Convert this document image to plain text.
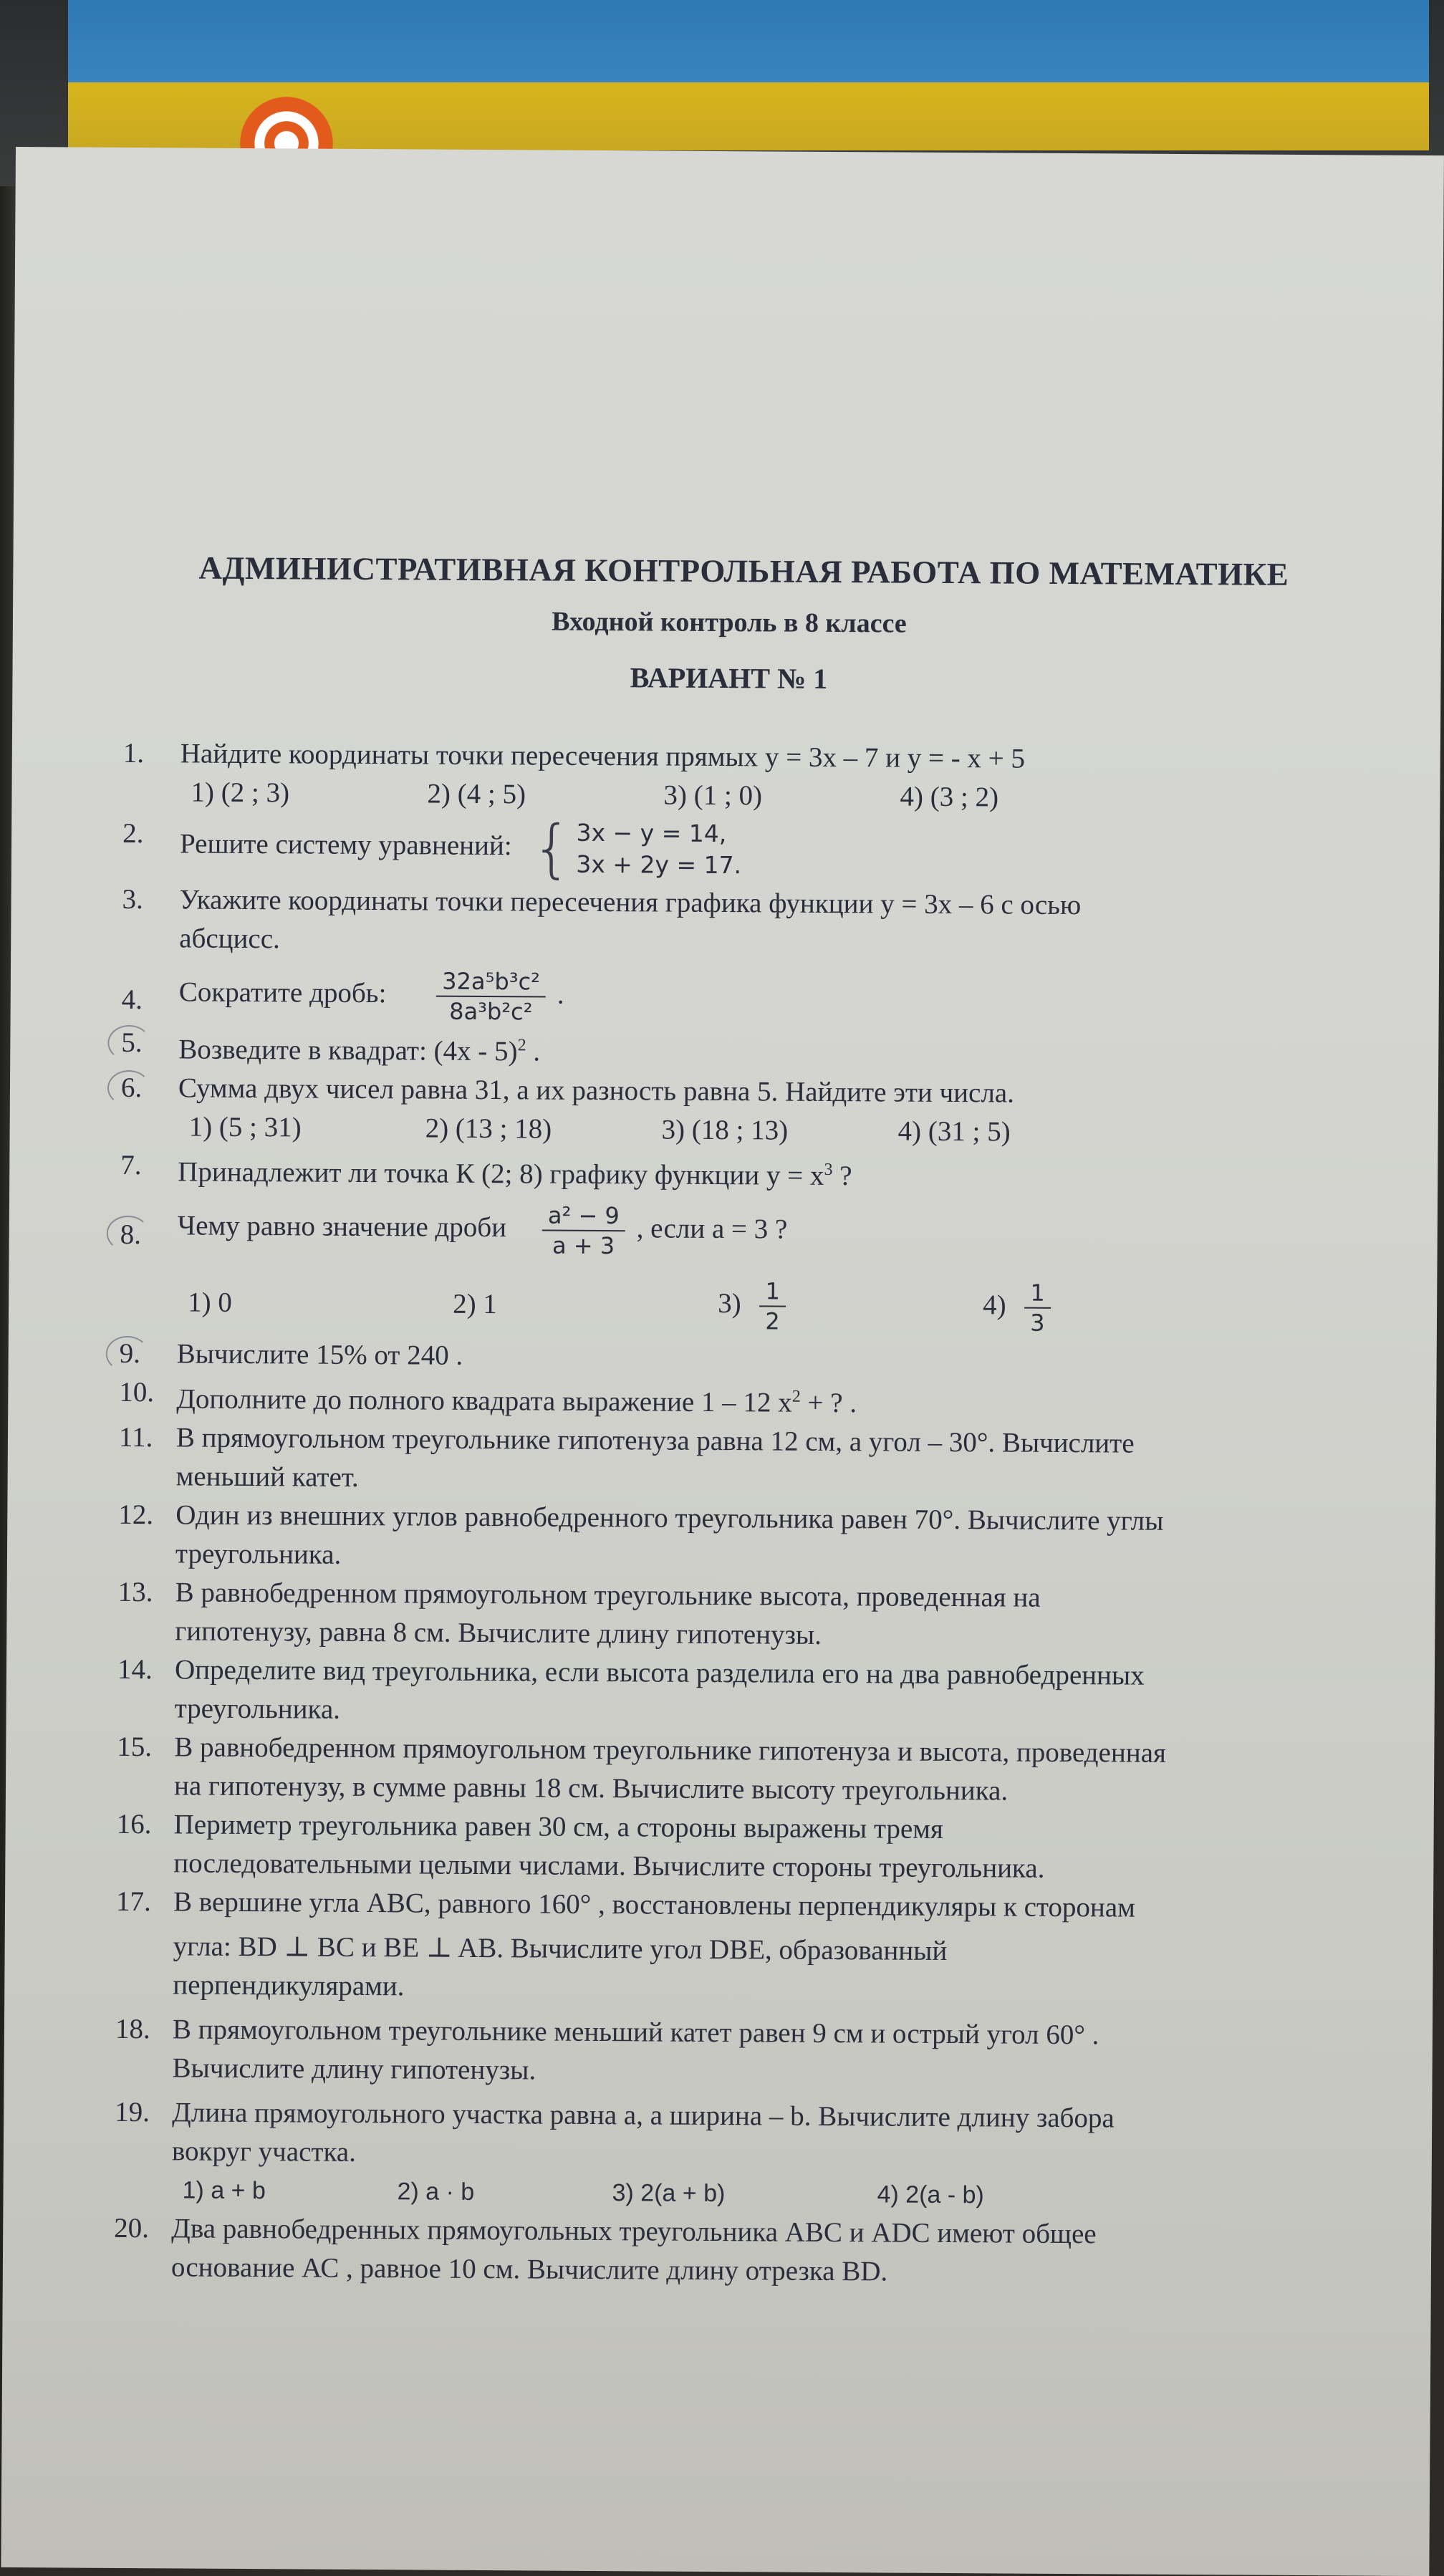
АДМИНИСТРАТИВНАЯ КОНТРОЛЬНАЯ РАБОТА ПО МАТЕМАТИКЕ
Входной контроль в 8 классе
ВАРИАНТ № 1
1. Найдите координаты точки пересечения прямых y = 3x – 7 и y = - x + 5
1) (2 ; 3)	2) (4 ; 5)	3) (1 ; 0)	4) (3 ; 2)
2. Решите систему уравнений: { 3x − y = 14,
3x + 2y = 17.
3. Укажите координаты точки пересечения графика функции y = 3x – 6 с осью
абсцисс.
4. Сократите дробь: $\frac{\text{32a⁵b³c²}}{\text{8a³b²c²}}$ .
5. Возведите в квадрат: (4x - 5)$^2$ .
6. Сумма двух чисел равна 31, а их разность равна 5. Найдите эти числа.
1) (5 ; 31)	2) (13 ; 18)	3) (18 ; 13)	4) (31 ; 5)
7. Принадлежит ли точка К (2; 8) графику функции $y = x^3$ ?
8. Чему равно значение дроби $\frac{\text{a² − 9}}{a + 3}$ , если a = 3 ?
1) 0	2) 1	$3) \frac{1}{2}$	$4) \frac{1}{3}$
9. Вычислите 15% от 240 .
10. Дополните до полного квадрата выражение 1 – 12 $x^2$ + ? .
11. В прямоугольном треугольнике гипотенуза равна 12 см, а угол – 30°. Вычислите
меньший катет.
12. Один из внешних углов равнобедренного треугольника равен 70°. Вычислите углы
треугольника.
13. В равнобедренном прямоугольном треугольнике высота, проведенная на
гипотенузу, равна 8 см. Вычислите длину гипотенузы.
14. Определите вид треугольника, если высота разделила его на два равнобедренных
треугольника.
15. В равнобедренном прямоугольном треугольнике гипотенуза и высота, проведенная
на гипотенузу, в сумме равны 18 см. Вычислите высоту треугольника.
16. Периметр треугольника равен 30 см, а стороны выражены тремя
последовательными целыми числами. Вычислите стороны треугольника.
17. В вершине угла АВС, равного 160° , восстановлены перпендикуляры к сторонам
угла: BD ⊥ BC и BE ⊥ AB. Вычислите угол DBE, образованный
перпендикулярами.
18. В прямоугольном треугольнике меньший катет равен 9 см и острый угол 60° .
Вычислите длину гипотенузы.
19. Длина прямоугольного участка равна a, а ширина – b. Вычислите длину забора
вокруг участка.
1) a + b	2) a · b	3) 2(a + b)	4) 2(a - b)
20. Два равнобедренных прямоугольных треугольника АВС и ADC имеют общее
основание АС , равное 10 см. Вычислите длину отрезка BD.
